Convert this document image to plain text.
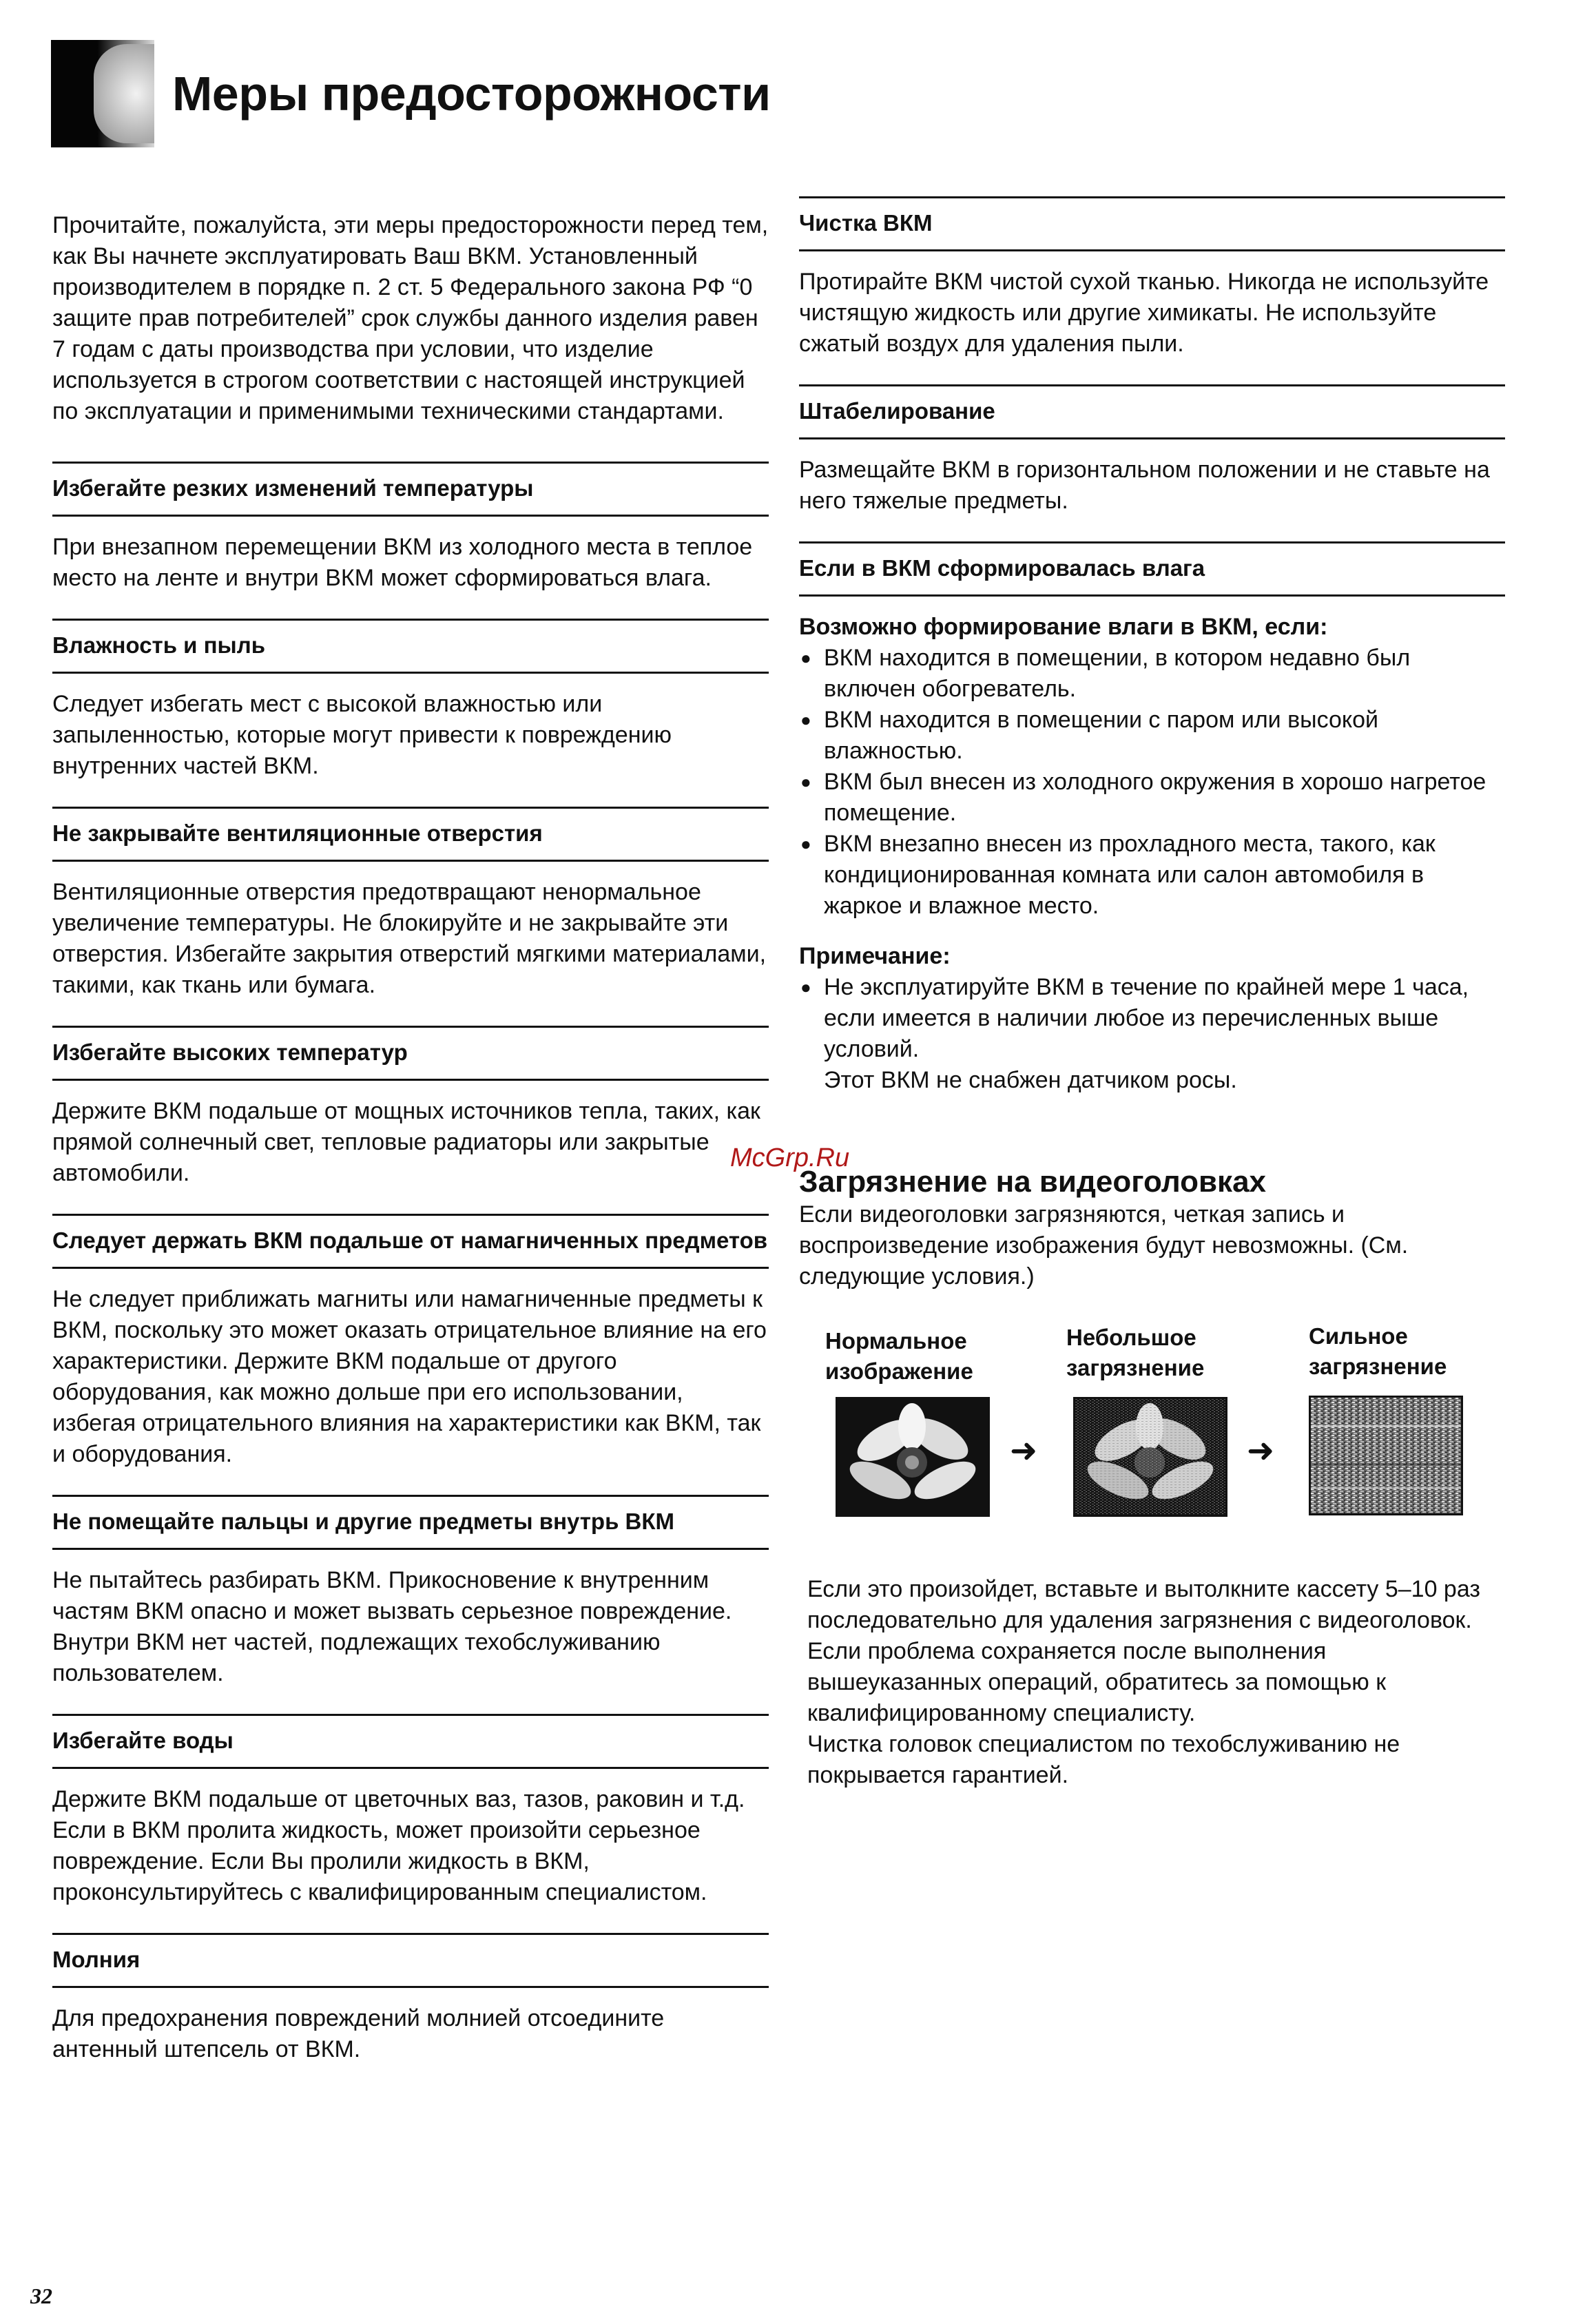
Меры предосторожности

Прочитайте, пожалуйста, эти меры предосторожности перед тем, как Вы начнете эксплуатировать Ваш ВКМ. Установленный производителем в порядке п. 2 ст. 5 Федерального закона РФ “0 защите прав потребителей” срок службы данного изделия равен 7 годам с даты производства при условии, что изделие используется в строгом соответствии с настоящей инструкцией по эксплуатации и применимыми техническими стандартами.

Избегайте резких изменений температуры

При внезапном перемещении ВКМ из холодного места в теплое место на ленте и внутри ВКМ может сформироваться влага.

Влажность и пыль

Следует избегать мест с высокой влажностью или запыленностью, которые могут привести к повреждению внутренних частей ВКМ.

Не закрывайте вентиляционные отверстия

Вентиляционные отверстия предотвращают ненормальное увеличение температуры. Не блокируйте и не закрывайте эти отверстия. Избегайте закрытия отверстий мягкими материалами, такими, как ткань или бумага.

Избегайте высоких температур

Держите ВКМ подальше от мощных источников тепла, таких, как прямой солнечный свет, тепловые радиаторы или закрытые автомобили.

Следует держать ВКМ подальше от намагниченных предметов

Не следует приближать магниты или намагниченные предметы к ВКМ, поскольку это может оказать отрицательное влияние на его характеристики. Держите ВКМ подальше от другого оборудования, как можно дольше при его использовании, избегая отрицательного влияния на характеристики как ВКМ, так и оборудования.

Не помещайте пальцы и другие предметы внутрь ВКМ

Не пытайтесь разбирать ВКМ. Прикосновение к внутренним частям ВКМ опасно и может вызвать серьезное повреждение. Внутри ВКМ нет частей, подлежащих техобслуживанию пользователем.

Избегайте воды

Держите ВКМ подальше от цветочных ваз, тазов, раковин и т.д. Если в ВКМ пролита жидкость, может произойти серьезное повреждение. Если Вы пролили жидкость в ВКМ, проконсультируйтесь с квалифицированным специалистом.

Молния

Для предохранения повреждений молнией отсоедините антенный штепсель от ВКМ.

Чистка ВКМ

Протирайте ВКМ чистой сухой тканью. Никогда не используйте чистящую жидкость или другие химикаты. Не используйте сжатый воздух для удаления пыли.

Штабелирование

Размещайте ВКМ в горизонтальном положении и не ставьте на него тяжелые предметы.

Если в ВКМ сформировалась влага
Возможно формирование влаги в ВКМ, если:
● ВКМ находится в помещении, в котором недавно был включен обогреватель.
● ВКМ находится в помещении с паром или высокой влажностью.
● ВКМ был внесен из холодного окружения в хорошо нагретое помещение.
● ВКМ внезапно внесен из прохладного места, такого, как кондиционированная комната или салон автомобиля в жаркое и влажное место.
Примечание:
● Не эксплуатируйте ВКМ в течение по крайней мере 1 часа, если имеется в наличии любое из перечисленных выше условий.

Этот ВКМ не снабжен датчиком росы.

Загрязнение на видеоголовках

Если видеоголовки загрязняются, четкая запись и воспроизведение изображения будут невозможны. (См. следующие условия.)

Нормальное изображение
Небольшое загрязнение
Сильное загрязнение
➜	➜

Если это произойдет, вставьте и вытолкните кассету 5–10 раз последовательно для удаления загрязнения с видеоголовок.

Если проблема сохраняется после выполнения вышеуказанных операций, обратитесь за помощью к квалифицированному специалисту.

Чистка головок специалистом по техобслуживанию не покрывается гарантией.

McGrp.Ru
32
